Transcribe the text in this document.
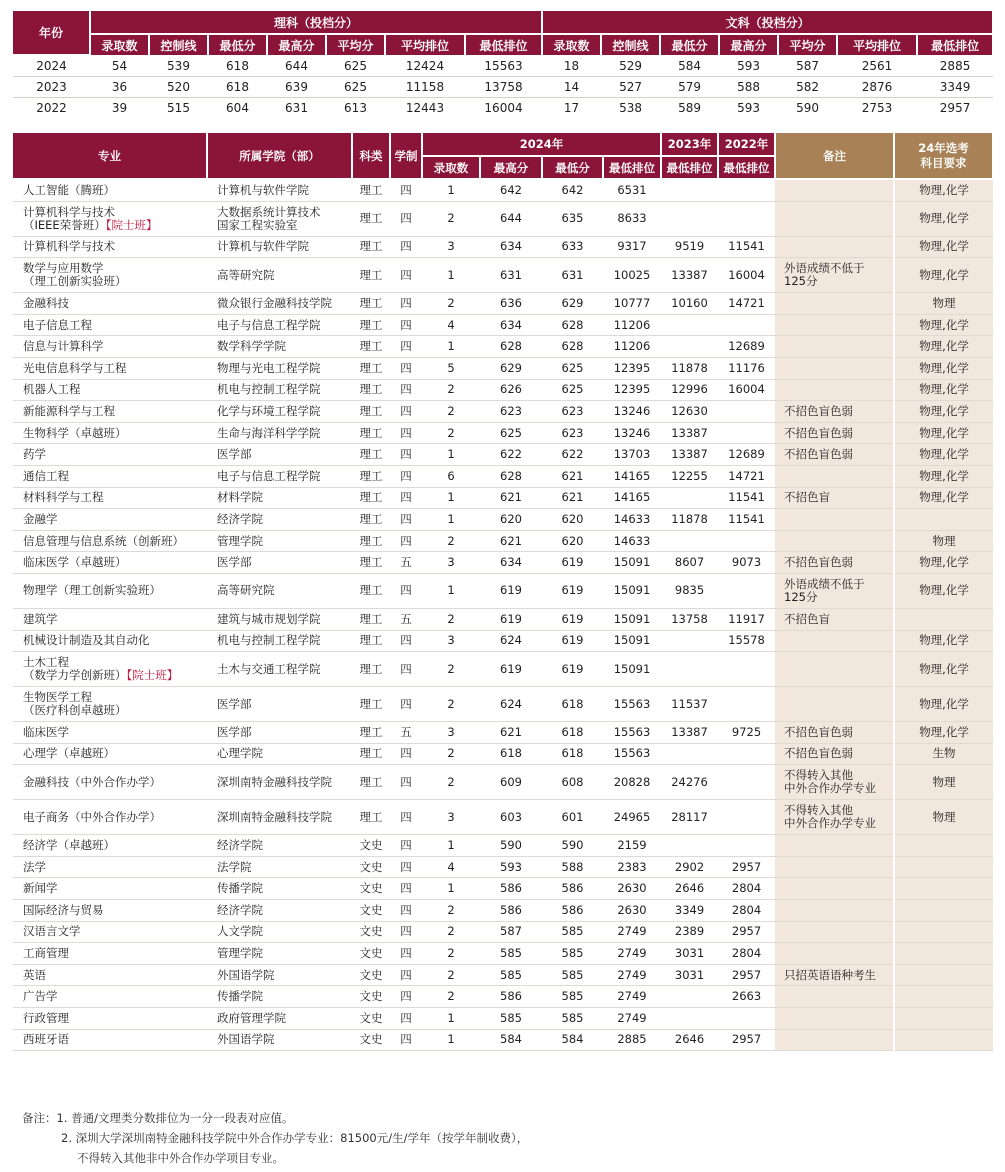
年份	理科（投档分）							文科（投档分）						
	录取数	控制线	最低分	最高分	平均分	平均排位	最低排位	录取数	控制线	最低分	最高分	平均分	平均排位	最低排位
2024	54	539	618	644	625	12424	15563	18	529	584	593	587	2561	2885
2023	36	520	618	639	625	11158	13758	14	527	579	588	582	2876	3349
2022	39	515	604	631	613	12443	16004	17	538	589	593	590	2753	2957
专业	所属学院（部）	科类	学制	2024年				2023年	2022年	备注	24年选考
科目要求
				录取数	最高分	最低分	最低排位	最低排位	最低排位		
人工智能（腾班）	计算机与软件学院	理工	四	1	642	642	6531				物理,化学
计算机科学与技术
（IEEE荣誉班）【院士班】	大数据系统计算技术
国家工程实验室	理工	四	2	644	635	8633				物理,化学
计算机科学与技术	计算机与软件学院	理工	四	3	634	633	9317	9519	11541		物理,化学
数学与应用数学
（理工创新实验班）	高等研究院	理工	四	1	631	631	10025	13387	16004	外语成绩不低于
125分	物理,化学
金融科技	微众银行金融科技学院	理工	四	2	636	629	10777	10160	14721		物理
电子信息工程	电子与信息工程学院	理工	四	4	634	628	11206				物理,化学
信息与计算科学	数学科学学院	理工	四	1	628	628	11206		12689		物理,化学
光电信息科学与工程	物理与光电工程学院	理工	四	5	629	625	12395	11878	11176		物理,化学
机器人工程	机电与控制工程学院	理工	四	2	626	625	12395	12996	16004		物理,化学
新能源科学与工程	化学与环境工程学院	理工	四	2	623	623	13246	12630		不招色盲色弱	物理,化学
生物科学（卓越班）	生命与海洋科学学院	理工	四	2	625	623	13246	13387		不招色盲色弱	物理,化学
药学	医学部	理工	四	1	622	622	13703	13387	12689	不招色盲色弱	物理,化学
通信工程	电子与信息工程学院	理工	四	6	628	621	14165	12255	14721		物理,化学
材料科学与工程	材料学院	理工	四	1	621	621	14165		11541	不招色盲	物理,化学
金融学	经济学院	理工	四	1	620	620	14633	11878	11541		
信息管理与信息系统（创新班）	管理学院	理工	四	2	621	620	14633				物理
临床医学（卓越班）	医学部	理工	五	3	634	619	15091	8607	9073	不招色盲色弱	物理,化学
物理学（理工创新实验班）	高等研究院	理工	四	1	619	619	15091	9835		外语成绩不低于
125分	物理,化学
建筑学	建筑与城市规划学院	理工	五	2	619	619	15091	13758	11917	不招色盲	
机械设计制造及其自动化	机电与控制工程学院	理工	四	3	624	619	15091		15578		物理,化学
土木工程
（数学力学创新班）【院士班】	土木与交通工程学院	理工	四	2	619	619	15091				物理,化学
生物医学工程
（医疗科创卓越班）	医学部	理工	四	2	624	618	15563	11537			物理,化学
临床医学	医学部	理工	五	3	621	618	15563	13387	9725	不招色盲色弱	物理,化学
心理学（卓越班）	心理学院	理工	四	2	618	618	15563			不招色盲色弱	生物
金融科技（中外合作办学）	深圳南特金融科技学院	理工	四	2	609	608	20828	24276		不得转入其他
中外合作办学专业	物理
电子商务（中外合作办学）	深圳南特金融科技学院	理工	四	3	603	601	24965	28117		不得转入其他
中外合作办学专业	物理
经济学（卓越班）	经济学院	文史	四	1	590	590	2159				
法学	法学院	文史	四	4	593	588	2383	2902	2957		
新闻学	传播学院	文史	四	1	586	586	2630	2646	2804		
国际经济与贸易	经济学院	文史	四	2	586	586	2630	3349	2804		
汉语言文学	人文学院	文史	四	2	587	585	2749	2389	2957		
工商管理	管理学院	文史	四	2	585	585	2749	3031	2804		
英语	外国语学院	文史	四	2	585	585	2749	3031	2957	只招英语语种考生	
广告学	传播学院	文史	四	2	586	585	2749		2663		
行政管理	政府管理学院	文史	四	1	585	585	2749				
西班牙语	外国语学院	文史	四	1	584	584	2885	2646	2957		
备注：1. 普通/文理类分数排位为一分一段表对应值。
2. 深圳大学深圳南特金融科技学院中外合作办学专业：81500元/生/学年（按学年制收费），
不得转入其他非中外合作办学项目专业。
